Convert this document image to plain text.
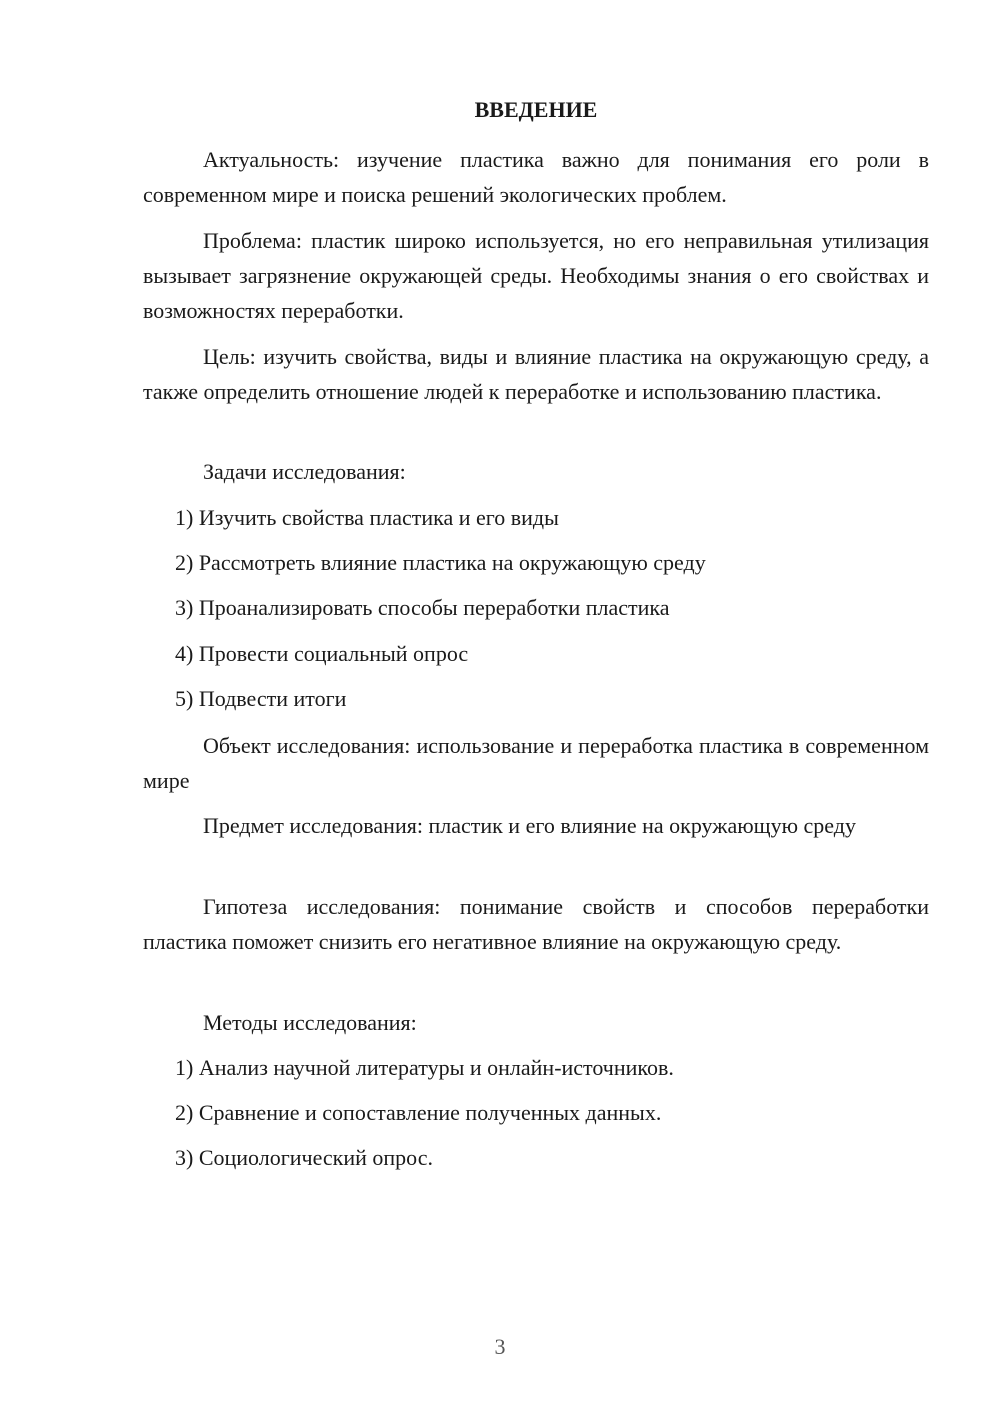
ВВЕДЕНИЕ

Актуальность: изучение пластика важно для понимания его роли в современном мире и поиска решений экологических проблем.

Проблема: пластик широко используется, но его неправильная утилизация вызывает загрязнение окружающей среды. Необходимы знания о его свойствах и возможностях переработки.

Цель: изучить свойства, виды и влияние пластика на окружающую среду, а также определить отношение людей к переработке и использованию пластика.

Задачи исследования:

1) Изучить свойства пластика и его виды

2) Рассмотреть влияние пластика на окружающую среду

3) Проанализировать способы переработки пластика

4) Провести социальный опрос

5) Подвести итоги

Объект исследования: использование и переработка пластика в современном мире

Предмет исследования: пластик и его влияние на окружающую среду

Гипотеза исследования: понимание свойств и способов переработки пластика поможет снизить его негативное влияние на окружающую среду.

Методы исследования:

1) Анализ научной литературы и онлайн-источников.

2) Сравнение и сопоставление полученных данных.

3) Социологический опрос.

3
